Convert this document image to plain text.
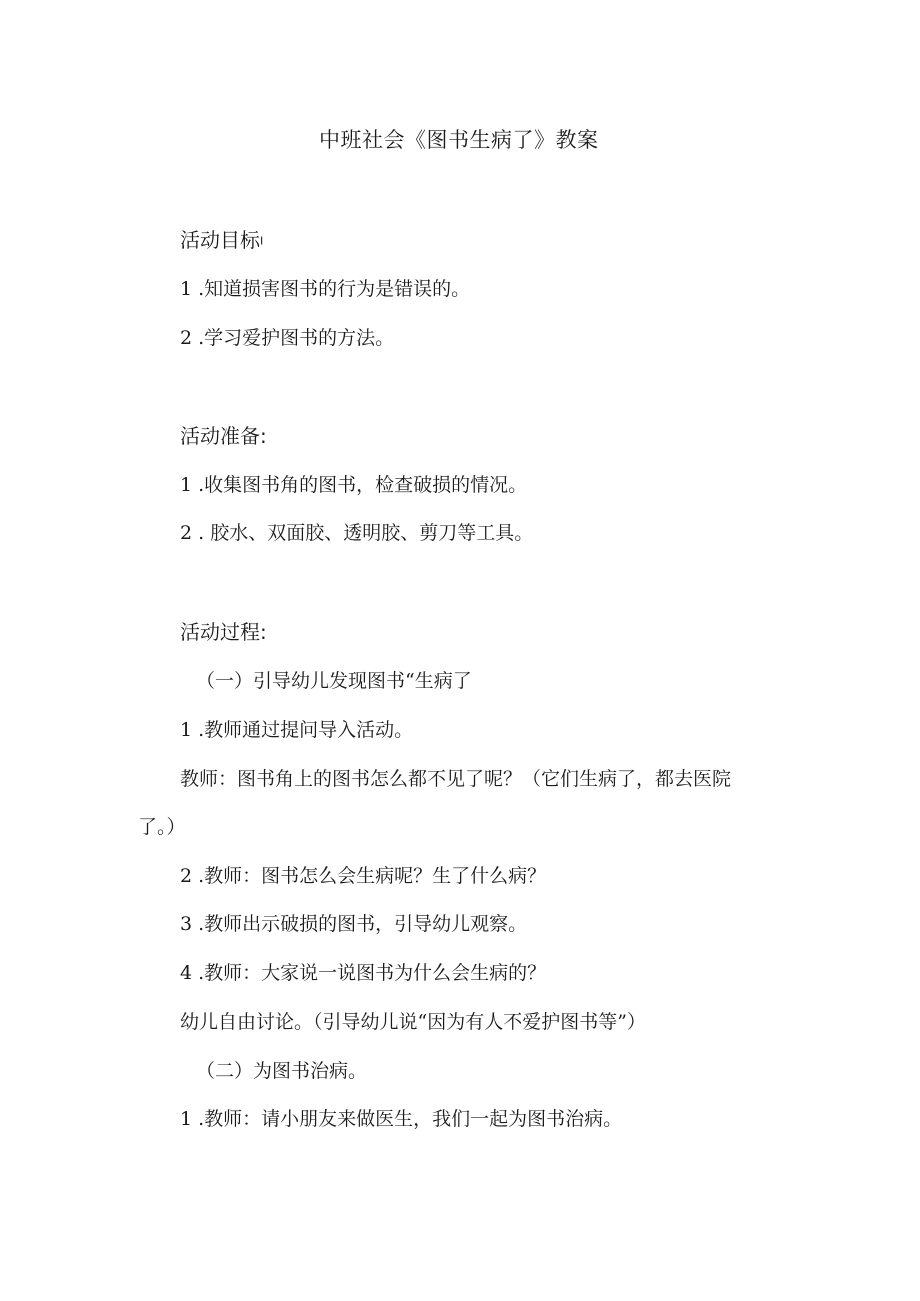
中班社会《图书生病了》教案
活动目标I
1 .知道损害图书的行为是错误的。
2 .学习爱护图书的方法。
活动准备:
1 .收集图书角的图书，检查破损的情况。
2 . 胶水、双面胶、透明胶、剪刀等工具。
活动过程:
（一）引导幼儿发现图书“生病了
1 .教师通过提问导入活动。
教师：图书角上的图书怎么都不见了呢？（它们生病了，都去医院
了。）
2 .教师：图书怎么会生病呢？生了什么病？
3 .教师出示破损的图书，引导幼儿观察。
4 .教师：大家说一说图书为什么会生病的？
幼儿自由讨论。（引导幼儿说“因为有人不爱护图书等”）
（二）为图书治病。
1 .教师：请小朋友来做医生，我们一起为图书治病。
